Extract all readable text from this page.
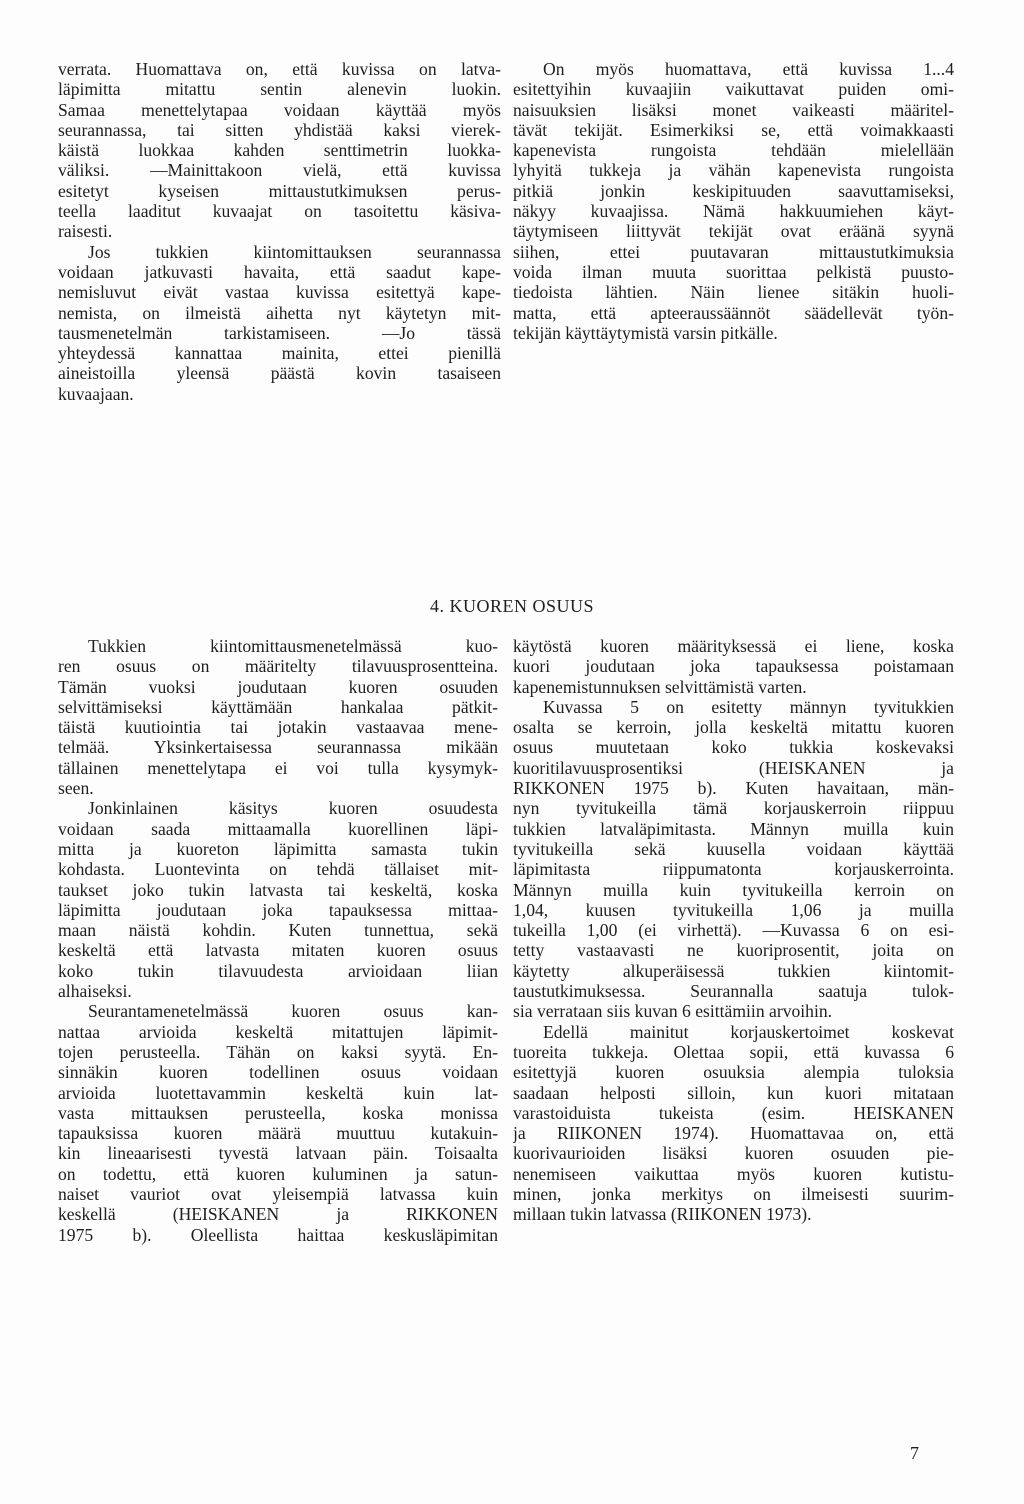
verrata. Huomattava on, että kuvissa on latva-
läpimitta mitattu sentin alenevin luokin.
Samaa menettelytapaa voidaan käyttää myös
seurannassa, tai sitten yhdistää kaksi vierek-
käistä luokkaa kahden senttimetrin luokka-
väliksi. —Mainittakoon vielä, että kuvissa
esitetyt kyseisen mittaustutkimuksen perus-
teella laaditut kuvaajat on tasoitettu käsiva-
raisesti.
Jos tukkien kiintomittauksen seurannassa
voidaan jatkuvasti havaita, että saadut kape-
nemisluvut eivät vastaa kuvissa esitettyä kape-
nemista, on ilmeistä aihetta nyt käytetyn mit-
tausmenetelmän tarkistamiseen. —Jo tässä
yhteydessä kannattaa mainita, ettei pienillä
aineistoilla yleensä päästä kovin tasaiseen
kuvaajaan.
On myös huomattava, että kuvissa 1...4
esitettyihin kuvaajiin vaikuttavat puiden omi-
naisuuksien lisäksi monet vaikeasti määritel-
tävät tekijät. Esimerkiksi se, että voimakkaasti
kapenevista rungoista tehdään mielellään
lyhyitä tukkeja ja vähän kapenevista rungoista
pitkiä jonkin keskipituuden saavuttamiseksi,
näkyy kuvaajissa. Nämä hakkuumiehen käyt-
täytymiseen liittyvät tekijät ovat eräänä syynä
siihen, ettei puutavaran mittaustutkimuksia
voida ilman muuta suorittaa pelkistä puusto-
tiedoista lähtien. Näin lienee sitäkin huoli-
matta, että apteeraussäännöt säädellevät työn-
tekijän käyttäytymistä varsin pitkälle.
4. KUOREN OSUUS
Tukkien kiintomittausmenetelmässä kuo-
ren osuus on määritelty tilavuusprosentteina.
Tämän vuoksi joudutaan kuoren osuuden
selvittämiseksi käyttämään hankalaa pätkit-
täistä kuutiointia tai jotakin vastaavaa mene-
telmää. Yksinkertaisessa seurannassa mikään
tällainen menettelytapa ei voi tulla kysymyk-
seen.
Jonkinlainen käsitys kuoren osuudesta
voidaan saada mittaamalla kuorellinen läpi-
mitta ja kuoreton läpimitta samasta tukin
kohdasta. Luontevinta on tehdä tällaiset mit-
taukset joko tukin latvasta tai keskeltä, koska
läpimitta joudutaan joka tapauksessa mittaa-
maan näistä kohdin. Kuten tunnettua, sekä
keskeltä että latvasta mitaten kuoren osuus
koko tukin tilavuudesta arvioidaan liian
alhaiseksi.
Seurantamenetelmässä kuoren osuus kan-
nattaa arvioida keskeltä mitattujen läpimit-
tojen perusteella. Tähän on kaksi syytä. En-
sinnäkin kuoren todellinen osuus voidaan
arvioida luotettavammin keskeltä kuin lat-
vasta mittauksen perusteella, koska monissa
tapauksissa kuoren määrä muuttuu kutakuin-
kin lineaarisesti tyvestä latvaan päin. Toisaalta
on todettu, että kuoren kuluminen ja satun-
naiset vauriot ovat yleisempiä latvassa kuin
keskellä (HEISKANEN ja RIKKONEN
1975 b). Oleellista haittaa keskusläpimitan
käytöstä kuoren määrityksessä ei liene, koska
kuori joudutaan joka tapauksessa poistamaan
kapenemistunnuksen selvittämistä varten.
Kuvassa 5 on esitetty männyn tyvitukkien
osalta se kerroin, jolla keskeltä mitattu kuoren
osuus muutetaan koko tukkia koskevaksi
kuoritilavuusprosentiksi (HEISKANEN ja
RIKKONEN 1975 b). Kuten havaitaan, män-
nyn tyvitukeilla tämä korjauskerroin riippuu
tukkien latvaläpimitasta. Männyn muilla kuin
tyvitukeilla sekä kuusella voidaan käyttää
läpimitasta riippumatonta korjauskerrointa.
Männyn muilla kuin tyvitukeilla kerroin on
1,04, kuusen tyvitukeilla 1,06 ja muilla
tukeilla 1,00 (ei virhettä). —Kuvassa 6 on esi-
tetty vastaavasti ne kuoriprosentit, joita on
käytetty alkuperäisessä tukkien kiintomit-
taustutkimuksessa. Seurannalla saatuja tulok-
sia verrataan siis kuvan 6 esittämiin arvoihin.
Edellä mainitut korjauskertoimet koskevat
tuoreita tukkeja. Olettaa sopii, että kuvassa 6
esitettyjä kuoren osuuksia alempia tuloksia
saadaan helposti silloin, kun kuori mitataan
varastoiduista tukeista (esim. HEISKANEN
ja RIIKONEN 1974). Huomattavaa on, että
kuorivaurioiden lisäksi kuoren osuuden pie-
nenemiseen vaikuttaa myös kuoren kutistu-
minen, jonka merkitys on ilmeisesti suurim-
millaan tukin latvassa (RIIKONEN 1973).
7
